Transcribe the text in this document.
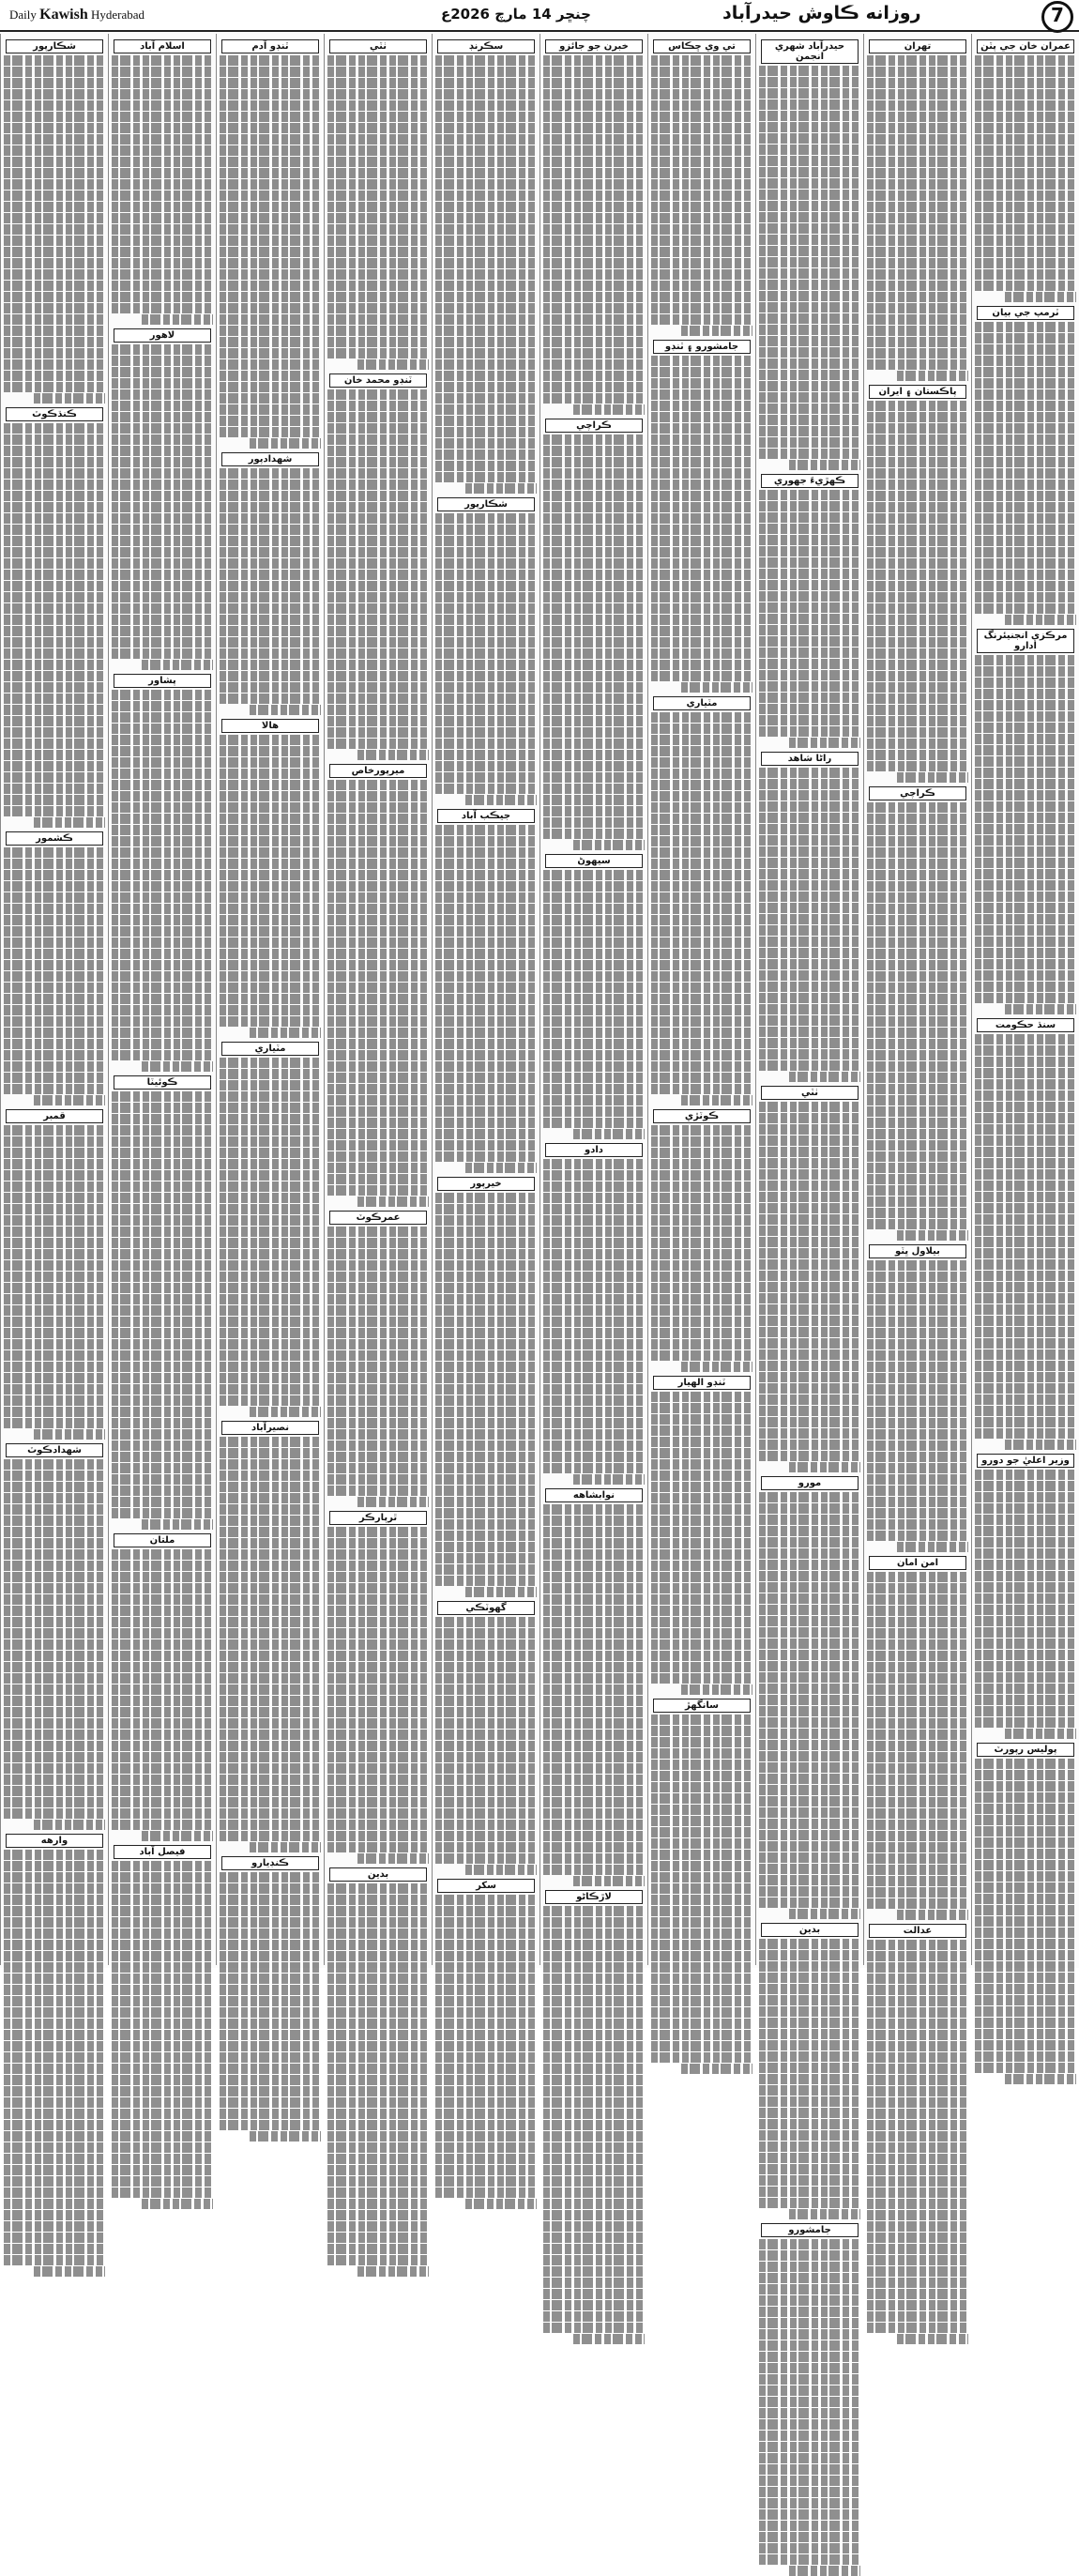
Daily Kawish Hyderabad	چنڇر 14 مارچ 2026ع	روزانه ڪاوش حيدرآباد	7
عمران خان جي پٽن
ٽرمپ جي بيان
مرڪزي انجنيئرنگ ادارو
سنڌ حڪومت
وزير اعليٰ جو دورو
پوليس رپورٽ
تهران
پاڪستان ۽ ايران
ڪراچي
بيلاول ڀٽو
امن امان
عدالت
حيدرآباد شهري انجمن
ڪهڙيءَ جهوري
راڻا شاهد
ٺٽي
مورو
بدين
ڄامشورو
تي وي ڇڪاس
جامشورو ۽ ٽنڊو
مٽياري
ڪوٽڙي
ٽنڊو الهيار
سانگهڙ
خبرن جو جائزو
ڪراچي
سيهوڻ
دادو
نوابشاهه
لاڙڪاڻو
سڪرنڊ
شڪارپور
جيڪب آباد
خيرپور
گهوٽڪي
سکر
ٺٽي
ٽنڊو محمد خان
ميرپورخاص
عمرڪوٽ
ٿرپارڪر
بدين
ٽنڊو آدم
شهدادپور
هالا
مٽياري
نصيرآباد
ڪنڊيارو
اسلام آباد
لاهور
پشاور
ڪوئيٽا
ملتان
فيصل آباد
شڪارپور
ڪنڌڪوٽ
ڪشمور
قمبر
شهدادڪوٽ
وارهه
